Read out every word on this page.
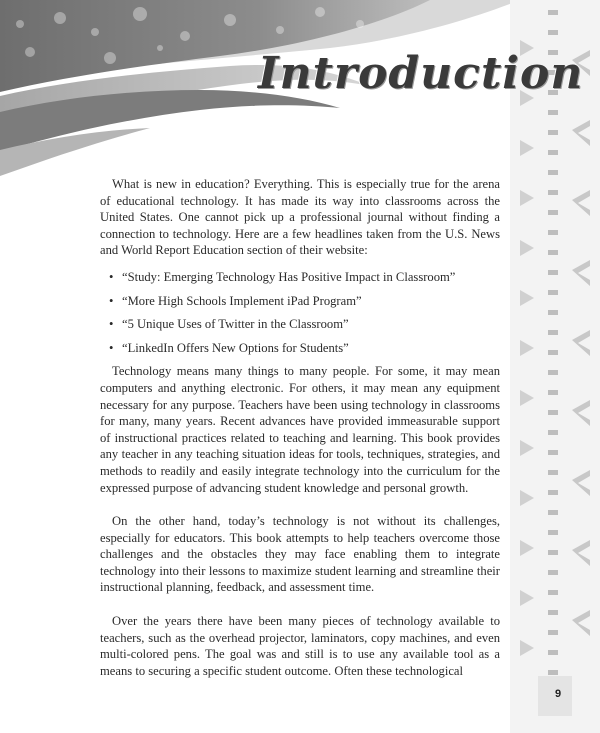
Introduction

What is new in education? Everything. This is especially true for the arena of educational technology. It has made its way into classrooms across the United States. One cannot pick up a professional journal without finding a connection to technology. Here are a few headlines taken from the U.S. News and World Report Education section of their website:

• “Study: Emerging Technology Has Positive Impact in Classroom”
• “More High Schools Implement iPad Program”
• “5 Unique Uses of Twitter in the Classroom”
• “LinkedIn Offers New Options for Students”

Technology means many things to many people. For some, it may mean computers and anything electronic. For others, it may mean any equipment necessary for any purpose. Teachers have been using technology in classrooms for many, many years. Recent advances have provided immeasurable support of instructional practices related to teaching and learning. This book provides any teacher in any teaching situation ideas for tools, techniques, strategies, and methods to readily and easily integrate technology into the curriculum for the expressed purpose of advancing student knowledge and personal growth.

On the other hand, today’s technology is not without its challenges, especially for educators. This book attempts to help teachers overcome those challenges and the obstacles they may face enabling them to integrate technology into their lessons to maximize student learning and streamline their instructional planning, feedback, and assessment time.

Over the years there have been many pieces of technology available to teachers, such as the overhead projector, laminators, copy machines, and even multi-colored pens. The goal was and still is to use any available tool as a means to securing a specific student outcome. Often these technological

9
